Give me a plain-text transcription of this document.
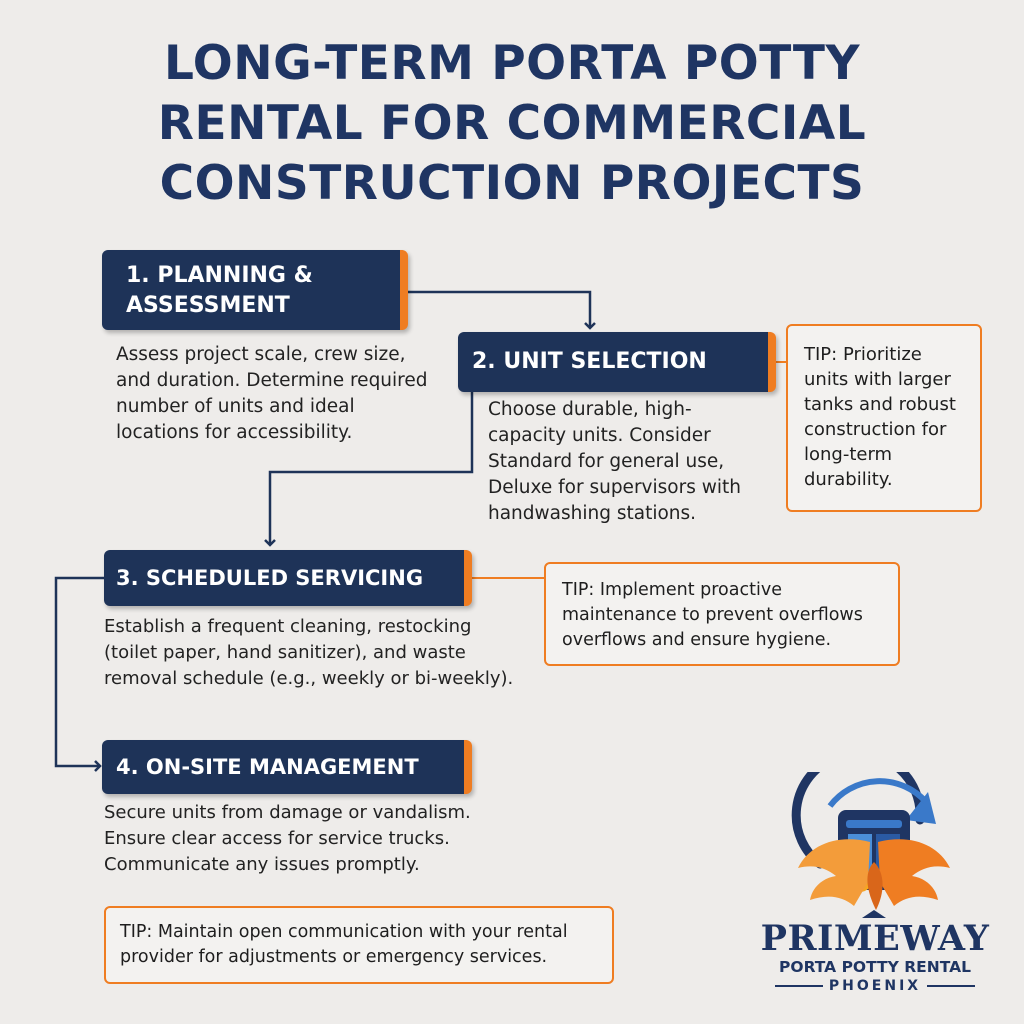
LONG-TERM PORTA POTTY
RENTAL FOR COMMERCIAL
CONSTRUCTION PROJECTS
1. PLANNING &
ASSESSMENT
Assess project scale, crew size,
and duration. Determine required
number of units and ideal
locations for accessibility.
2. UNIT SELECTION
Choose durable, high-
capacity units. Consider
Standard for general use,
Deluxe for supervisors with
handwashing stations.
TIP: Prioritize
units with larger
tanks and robust
construction for
long-term
durability.
3. SCHEDULED SERVICING
Establish a frequent cleaning, restocking
(toilet paper, hand sanitizer), and waste
removal schedule (e.g., weekly or bi-weekly).
TIP: Implement proactive
maintenance to prevent overflows
overflows and ensure hygiene.
4. ON-SITE MANAGEMENT
Secure units from damage or vandalism.
Ensure clear access for service trucks.
Communicate any issues promptly.
TIP: Maintain open communication with your rental
provider for adjustments or emergency services.	PRIMEWAY
PORTA POTTY RENTAL
PHOENIX
